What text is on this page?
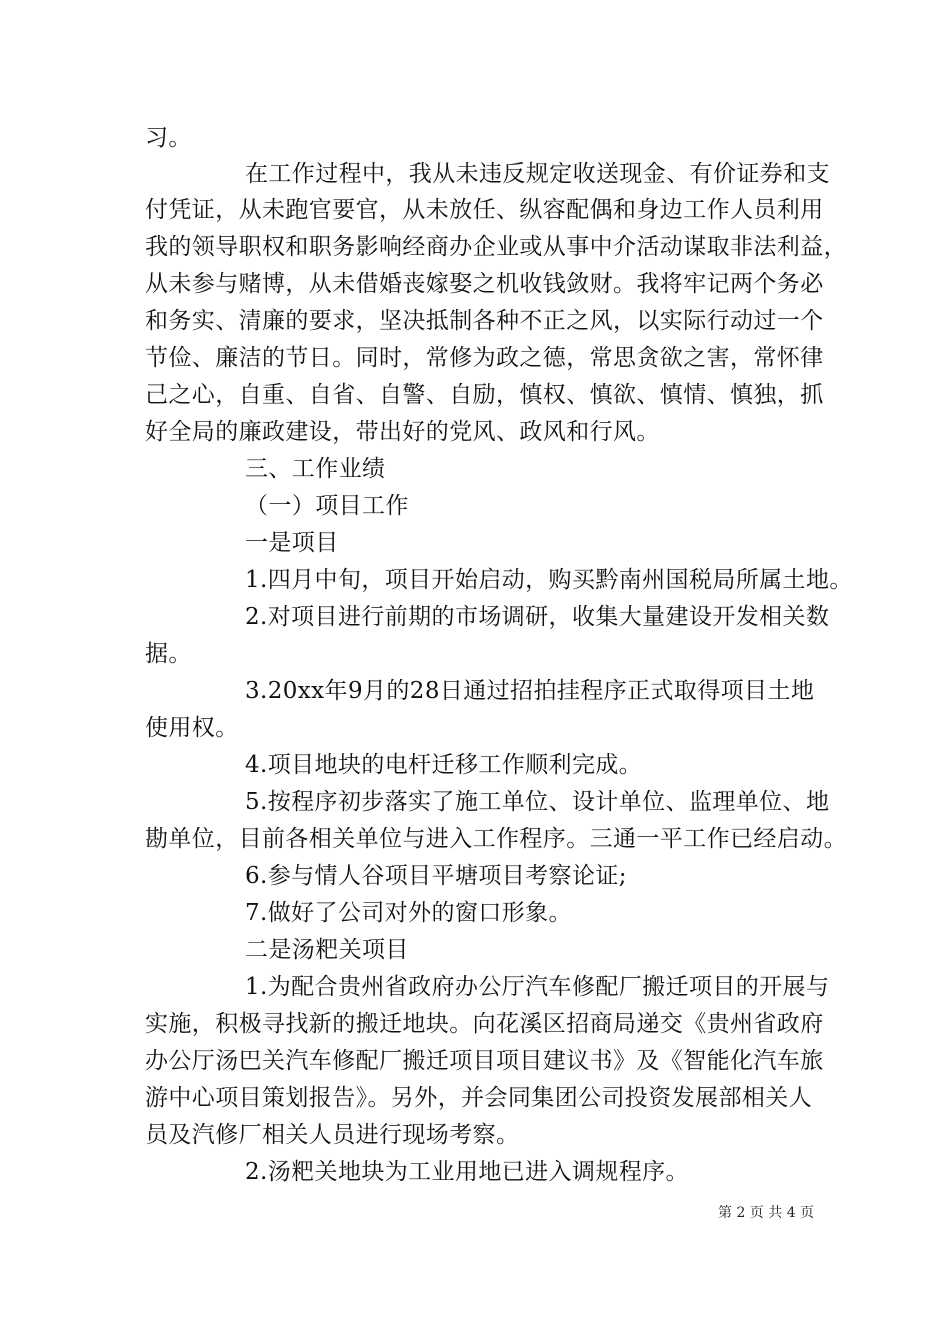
习。
在工作过程中，我从未违反规定收送现金、有价证券和支
付凭证，从未跑官要官，从未放任、纵容配偶和身边工作人员利用
我的领导职权和职务影响经商办企业或从事中介活动谋取非法利益，
从未参与赌博，从未借婚丧嫁娶之机收钱敛财。我将牢记两个务必
和务实、清廉的要求，坚决抵制各种不正之风，以实际行动过一个
节俭、廉洁的节日。同时，常修为政之德，常思贪欲之害，常怀律
己之心，自重、自省、自警、自励，慎权、慎欲、慎情、慎独，抓
好全局的廉政建设，带出好的党风、政风和行风。
三、工作业绩
（一）项目工作
一是项目
1.四月中旬，项目开始启动，购买黔南州国税局所属土地。
2.对项目进行前期的市场调研，收集大量建设开发相关数
据。
3.20xx年9月的28日通过招拍挂程序正式取得项目土地
使用权。
4.项目地块的电杆迁移工作顺利完成。
5.按程序初步落实了施工单位、设计单位、监理单位、地
勘单位，目前各相关单位与进入工作程序。三通一平工作已经启动。
6.参与情人谷项目平塘项目考察论证;
7.做好了公司对外的窗口形象。
二是汤粑关项目
1.为配合贵州省政府办公厅汽车修配厂搬迁项目的开展与
实施，积极寻找新的搬迁地块。向花溪区招商局递交《贵州省政府
办公厅汤巴关汽车修配厂搬迁项目项目建议书》及《智能化汽车旅
游中心项目策划报告》。另外，并会同集团公司投资发展部相关人
员及汽修厂相关人员进行现场考察。
2.汤粑关地块为工业用地已进入调规程序。
第 2 页 共 4 页
